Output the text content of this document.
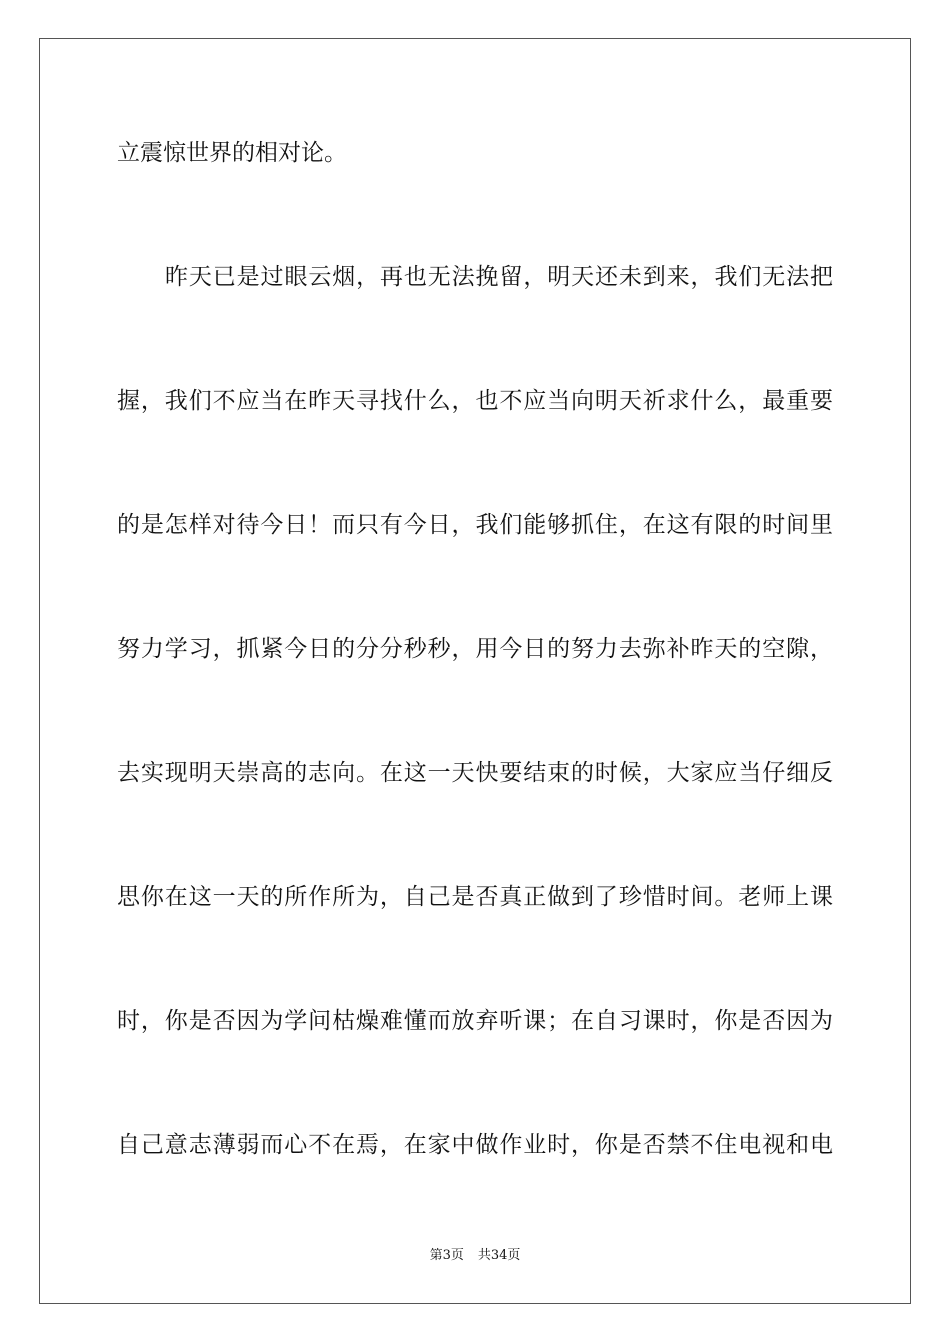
立震惊世界的相对论。
昨天已是过眼云烟，再也无法挽留，明天还未到来，我们无法把
握，我们不应当在昨天寻找什么，也不应当向明天祈求什么，最重要
的是怎样对待今日！而只有今日，我们能够抓住，在这有限的时间里
努力学习，抓紧今日的分分秒秒，用今日的努力去弥补昨天的空隙，
去实现明天崇高的志向。在这一天快要结束的时候，大家应当仔细反
思你在这一天的所作所为，自己是否真正做到了珍惜时间。老师上课
时，你是否因为学问枯燥难懂而放弃听课；在自习课时，你是否因为
自己意志薄弱而心不在焉，在家中做作业时，你是否禁不住电视和电
第3页 共34页
